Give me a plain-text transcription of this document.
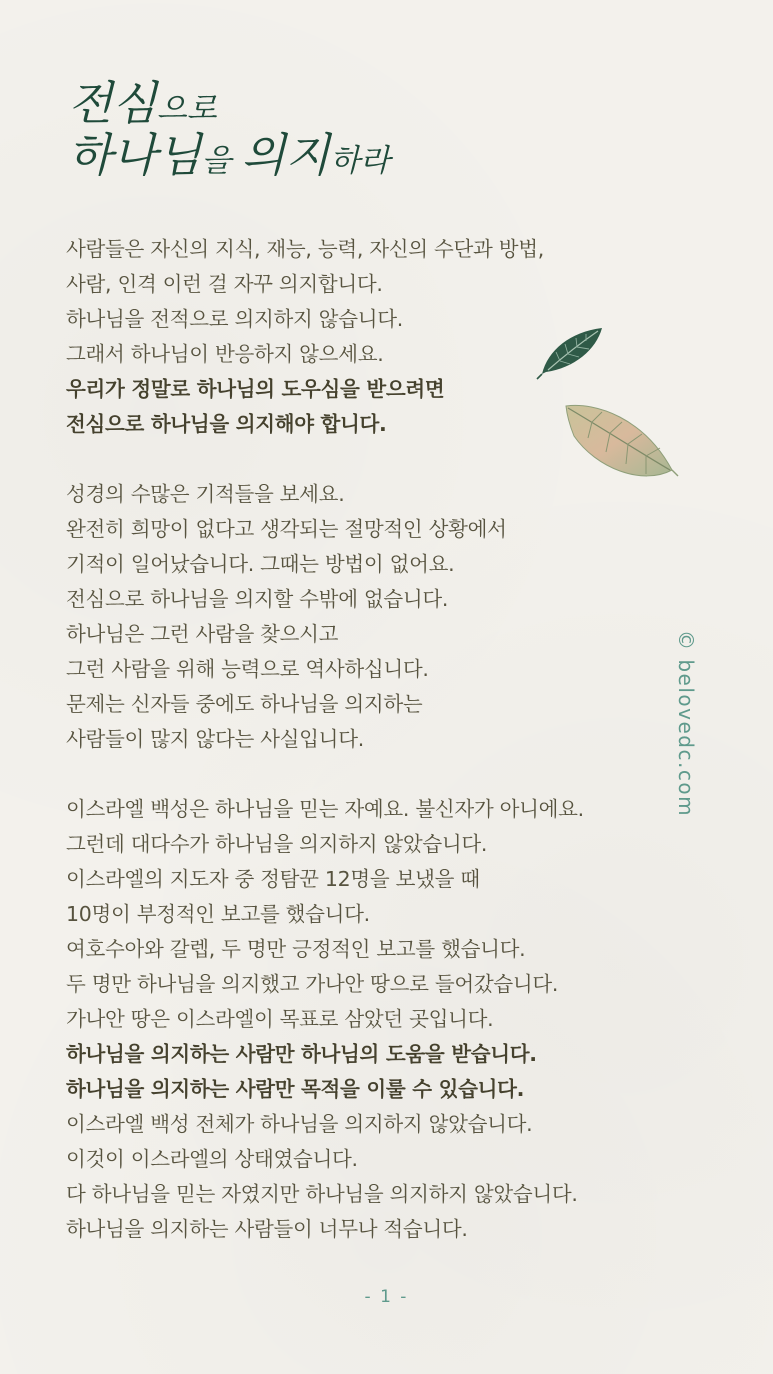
전심으로
하나님을 의지하라
사람들은 자신의 지식, 재능, 능력, 자신의 수단과 방법,
사람, 인격 이런 걸 자꾸 의지합니다.
하나님을 전적으로 의지하지 않습니다.
그래서 하나님이 반응하지 않으세요.
우리가 정말로 하나님의 도우심을 받으려면
전심으로 하나님을 의지해야 합니다.
성경의 수많은 기적들을 보세요.
완전히 희망이 없다고 생각되는 절망적인 상황에서
기적이 일어났습니다. 그때는 방법이 없어요.
전심으로 하나님을 의지할 수밖에 없습니다.
하나님은 그런 사람을 찾으시고
그런 사람을 위해 능력으로 역사하십니다.
문제는 신자들 중에도 하나님을 의지하는
사람들이 많지 않다는 사실입니다.
이스라엘 백성은 하나님을 믿는 자예요. 불신자가 아니에요.
그런데 대다수가 하나님을 의지하지 않았습니다.
이스라엘의 지도자 중 정탐꾼 12명을 보냈을 때
10명이 부정적인 보고를 했습니다.
여호수아와 갈렙, 두 명만 긍정적인 보고를 했습니다.
두 명만 하나님을 의지했고 가나안 땅으로 들어갔습니다.
가나안 땅은 이스라엘이 목표로 삼았던 곳입니다.
하나님을 의지하는 사람만 하나님의 도움을 받습니다.
하나님을 의지하는 사람만 목적을 이룰 수 있습니다.
이스라엘 백성 전체가 하나님을 의지하지 않았습니다.
이것이 이스라엘의 상태였습니다.
다 하나님을 믿는 자였지만 하나님을 의지하지 않았습니다.
하나님을 의지하는 사람들이 너무나 적습니다.
© belovedc.com
- 1 -
